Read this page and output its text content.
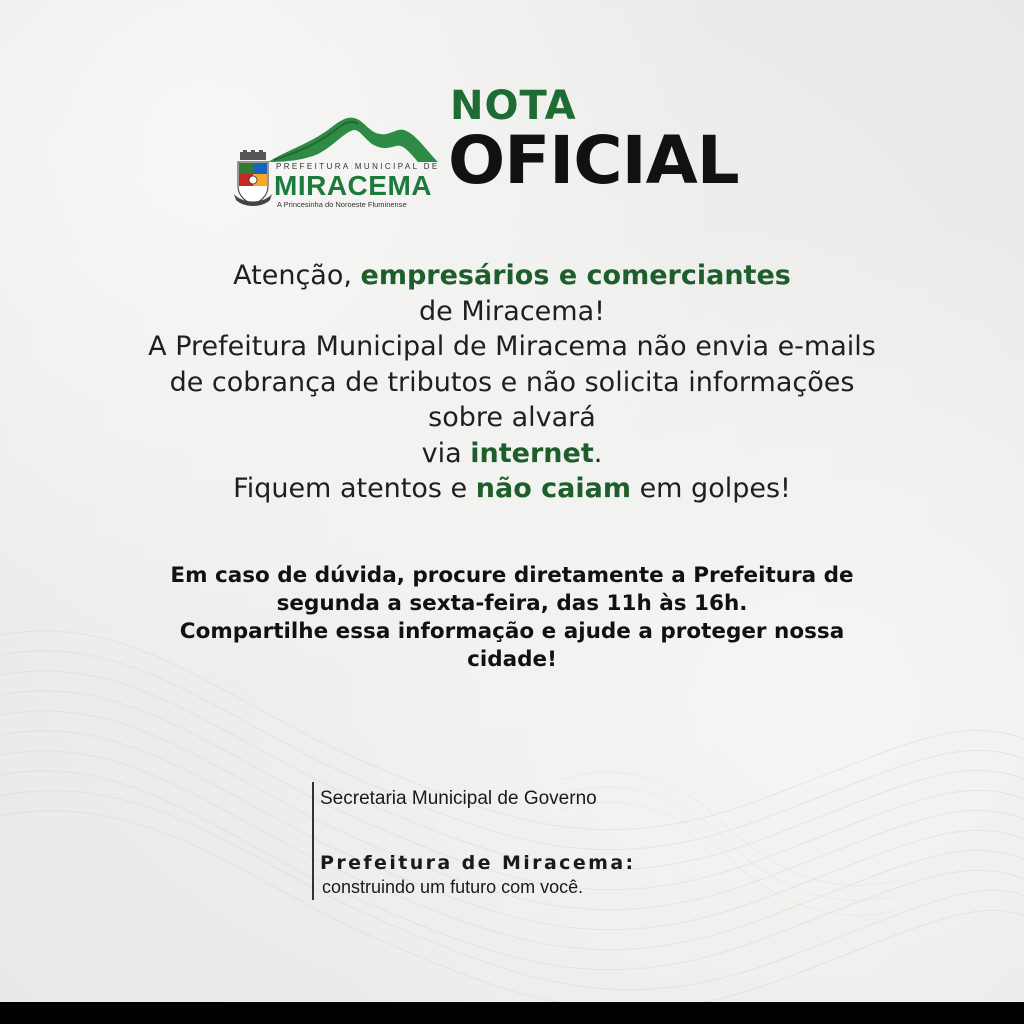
PREFEITURA MUNICIPAL DE
MIRACEMA
A Princesinha do Noroeste Fluminense
NOTA
OFICIAL
Atenção, empresários e comerciantes
de Miracema!
A Prefeitura Municipal de Miracema não envia e-mails de cobrança de tributos e não solicita informações sobre alvará
via internet.
Fiquem atentos e não caiam em golpes!
Em caso de dúvida, procure diretamente a Prefeitura de segunda a sexta-feira, das 11h às 16h.
Compartilhe essa informação e ajude a proteger nossa cidade!
Secretaria Municipal de Governo
Prefeitura de Miracema:
construindo um futuro com você.
